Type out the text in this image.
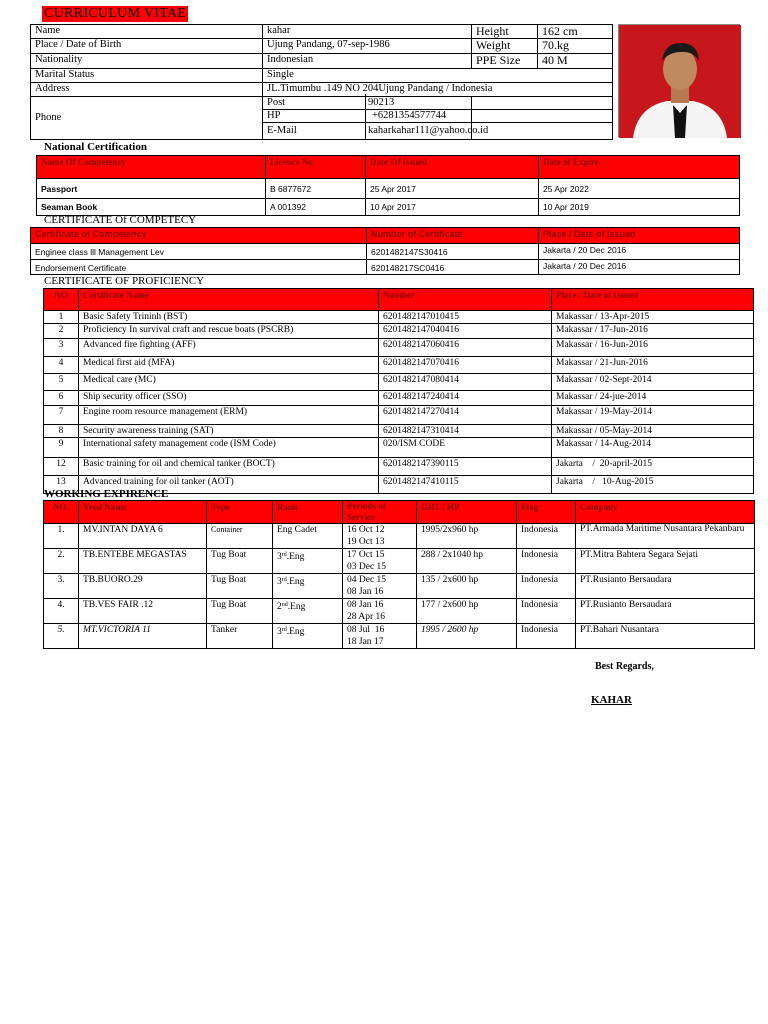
CURRICULUM VITAE
Name	kahar	Height	162 cm
Place / Date of Birth	Ujung Pandang, 07-sep-1986	Weight	70.kg
Nationality	Indonesian	PPE Size	40 M
Marital Status	Single		
Address	JL.Timumbu .149 NO 204Ujung Pandang / Indonesia		
Phone	Post	90213	
	HP	+6281354577744	
	E-Mail	kaharkahar111@yahoo.co.id	
National Certification
Name Of Competency	Licence No	Date Of Issued	Date of Expire
Passport	B 6877672	25 Apr 2017	25 Apr 2022
Seaman Book	A 001392	10 Apr 2017	10 Apr 2019
CERTIFICATE Of COMPETECY
Certificate of Competency	Number of Certificate	Place / Date of Issued
Enginee class lll Management Lev	6201482147S30416	Jakarta / 20 Dec 2016
Endorsement Certificate	620148217SC0416	Jakarta / 20 Dec 2016
CERTIFICATE OF PROFICIENCY
NO	Certificate Name	Number	Place / Date of Issued
1	Basic Safety Trininh (BST)	6201482147010415	Makassar / 13-Apr-2015
2	Proficiency In survival craft and rescue boats (PSCRB)	6201482147040416	Makassar / 17-Jun-2016
3	Advanced fire fighting (AFF)	6201482147060416	Makassar / 16-Jun-2016
4	Medical first aid (MFA)	6201482147070416	Makassar / 21-Jun-2016
5	Medical care (MC)	6201482147080414	Makassar / 02-Sept-2014
6	Ship security officer (SSO)	6201482147240414	Makassar / 24-jue-2014
7	Engine room resource management (ERM)	6201482147270414	Makassar / 19-May-2014
8	Security awareness training (SAT)	6201482147310414	Makassar / 05-May-2014
9	International safety management code (ISM Code)	020/ISM CODE	Makassar / 14-Aug-2014
12	Basic training for oil and chemical tanker (BOCT)	6201482147390115	Jakarta    /  20-april-2015
13	Advanced training for oil tanker (AOT)	6201482147410115	Jakarta    /   10-Aug-2015
WORKING EXPIRENCE
NO.	Vessl Name	Type	Rank	Periods of Service	GRT / HP	Flag	Company
1.	MV.INTAN DAYA 6	Container	Eng Cadet	16 Oct 12
19 Oct 13	1995/2x960 hp	Indonesia	PT.Armada Maritime Nusantara Pekanbaru
2.	TB.ENTEBE MEGASTAS	Tug Boat	3rd.Eng	17 Oct 15
03 Dec 15	288 / 2x1040 hp	Indonesia	PT.Mitra Bahtera Segara Sejati
3.	TB.BUORO.29	Tug Boat	3rd.Eng	04 Dec 15
08 Jan 16	135 / 2x600 hp	Indonesia	PT.Rusianto Bersaudara
4.	TB.VES FAIR .12	Tug Boat	2nd.Eng	08 Jan 16
28 Apr 16	177 / 2x600 hp	Indonesia	PT.Rusianto Bersaudara
5.	MT.VICTORIA 11	Tanker	3rd.Eng	08 Jul  16
18 Jan 17	1995 / 2600 hp	Indonesia	PT.Bahari Nusantara
Best Regards,
KAHAR
